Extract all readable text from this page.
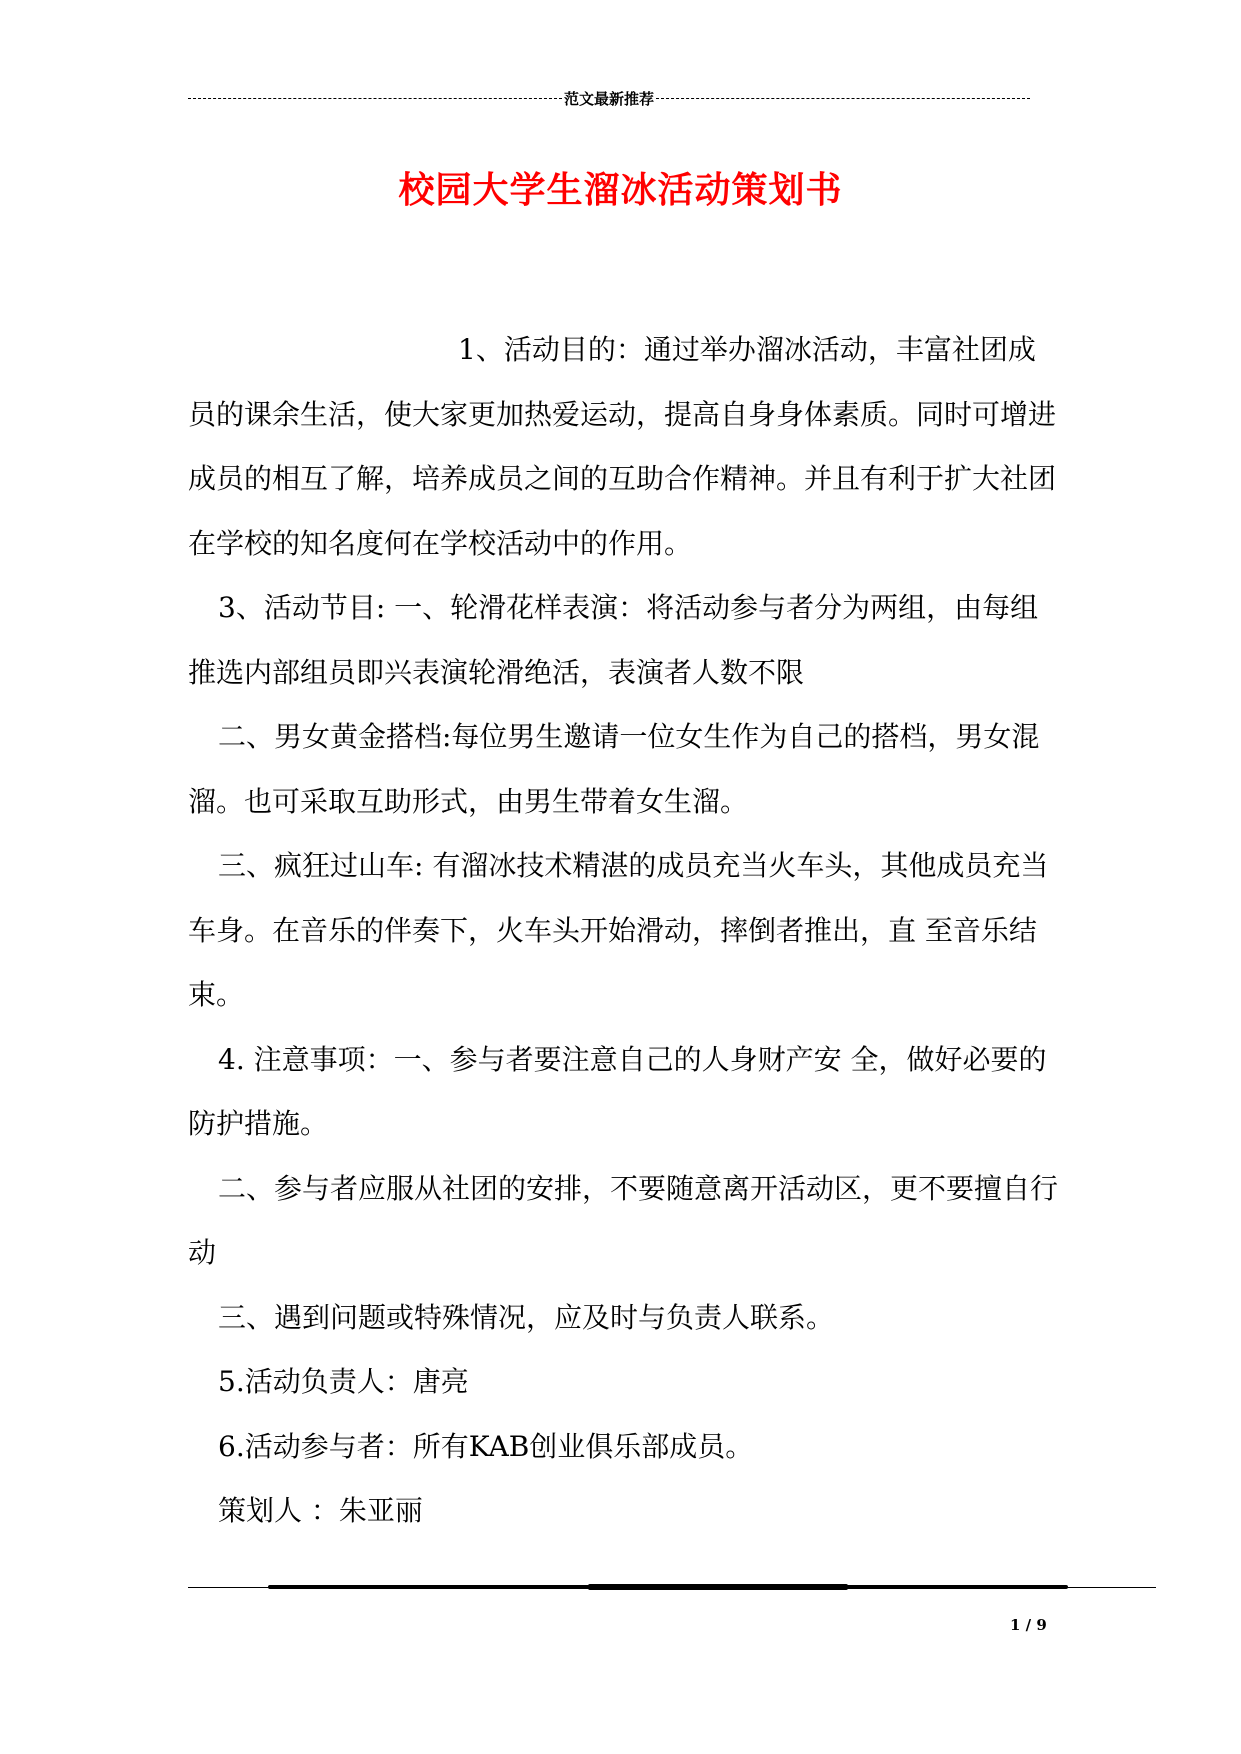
范文最新推荐
校园大学生溜冰活动策划书

1、活动目的：通过举办溜冰活动，丰富社团成员的课余生活，使大家更加热爱运动，提高自身身体素质。同时可增进成员的相互了解，培养成员之间的互助合作精神。并且有利于扩大社团在学校的知名度何在学校活动中的作用。

3、活动节目: 一、轮滑花样表演：将活动参与者分为两组，由每组推选内部组员即兴表演轮滑绝活，表演者人数不限

二、男女黄金搭档:每位男生邀请一位女生作为自己的搭档，男女混溜。也可采取互助形式，由男生带着女生溜。

三、疯狂过山车: 有溜冰技术精湛的成员充当火车头，其他成员充当车身。在音乐的伴奏下，火车头开始滑动，摔倒者推出，直 至音乐结束。

4. 注意事项：一、参与者要注意自己的人身财产安 全，做好必要的防护措施。

二、参与者应服从社团的安排，不要随意离开活动区，更不要擅自行动

三、遇到问题或特殊情况，应及时与负责人联系。

5.活动负责人：唐亮

6.活动参与者：所有KAB创业俱乐部成员。

策划人 ：朱亚丽

1 / 9
